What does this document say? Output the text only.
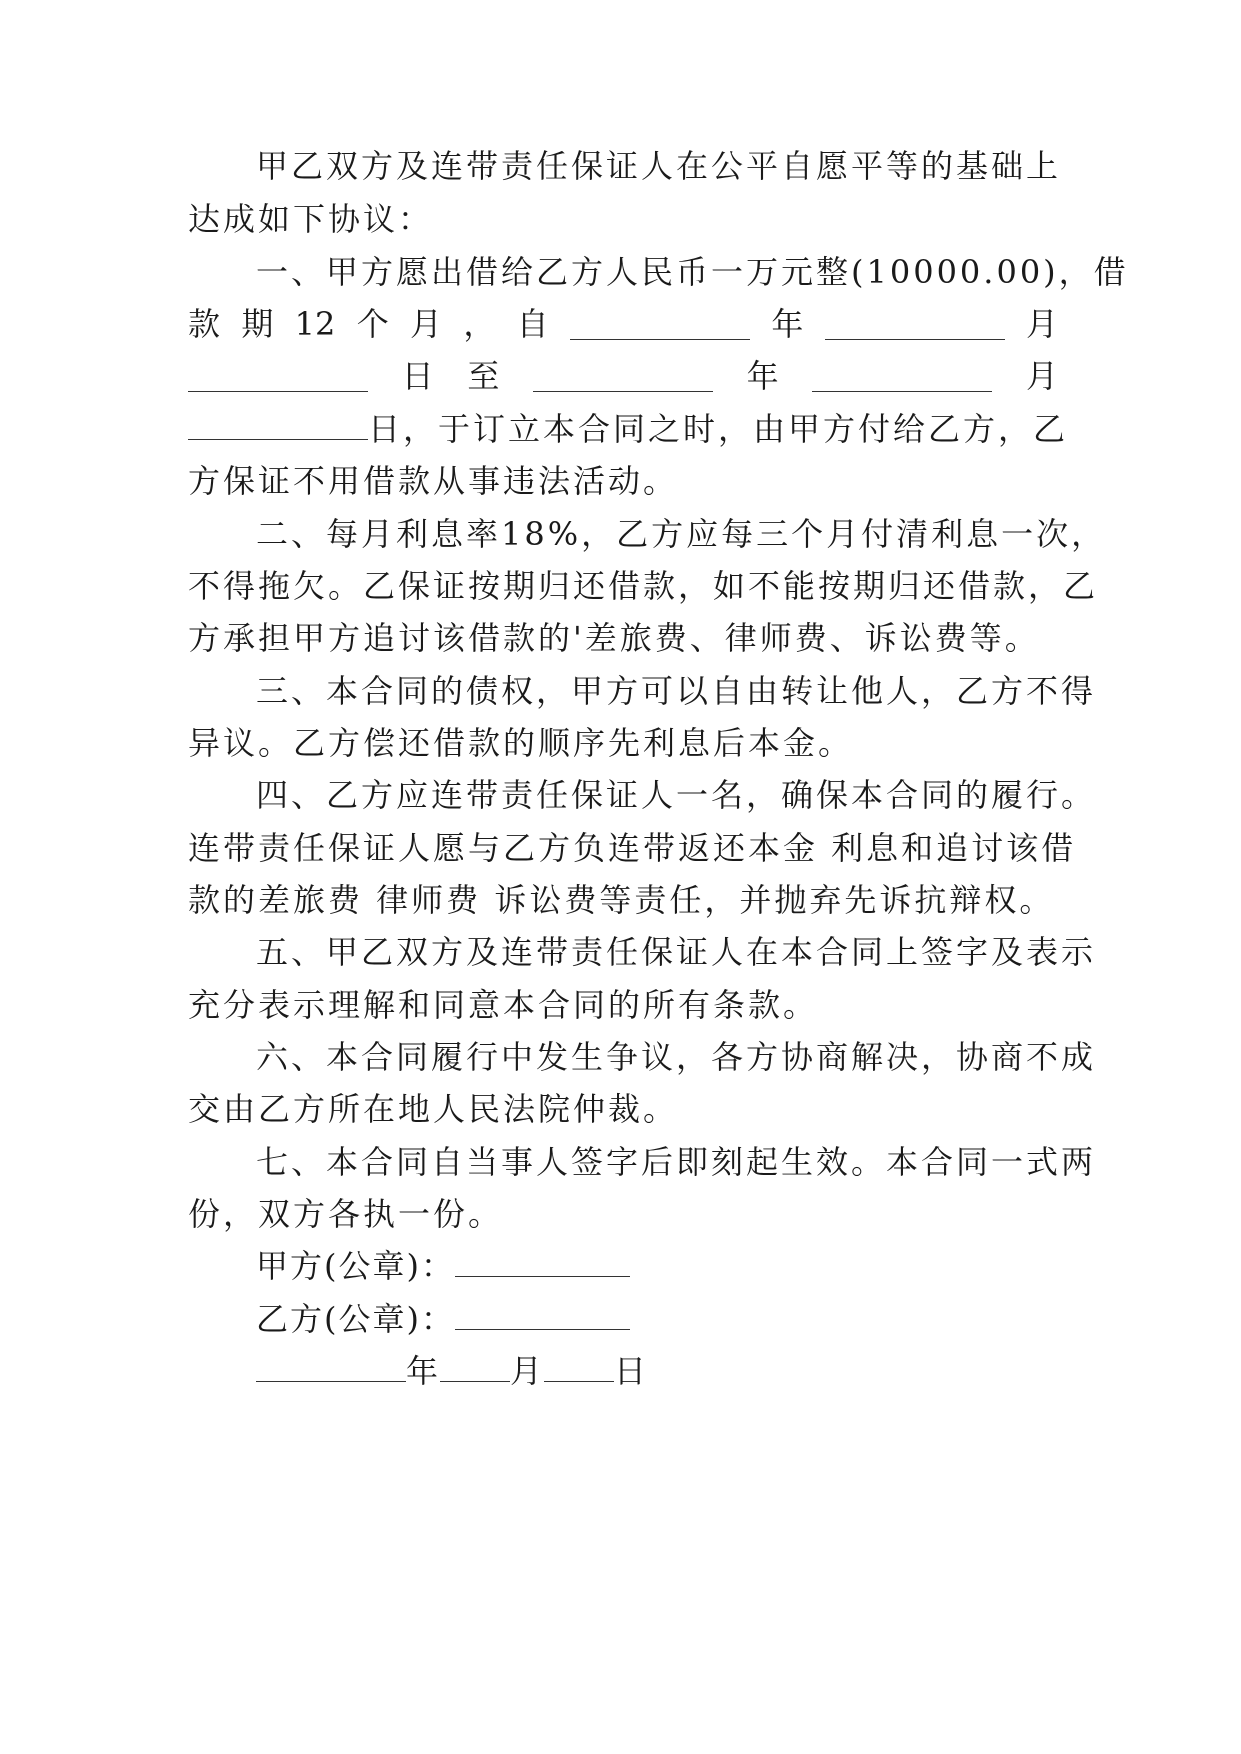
甲乙双方及连带责任保证人在公平自愿平等的基础上
达成如下协议：
一、甲方愿出借给乙方人民币一万元整(10000.00)，借
款 期 12 个 月 ， 自	年	月
日 至	年	月
日，于订立本合同之时，由甲方付给乙方，乙
方保证不用借款从事违法活动。
二、每月利息率18%，乙方应每三个月付清利息一次，
不得拖欠。乙保证按期归还借款，如不能按期归还借款，乙
方承担甲方追讨该借款的'差旅费、律师费、诉讼费等。
三、本合同的债权，甲方可以自由转让他人，乙方不得
异议。乙方偿还借款的顺序先利息后本金。
四、乙方应连带责任保证人一名，确保本合同的履行。
连带责任保证人愿与乙方负连带返还本金 利息和追讨该借
款的差旅费 律师费 诉讼费等责任，并抛弃先诉抗辩权。
五、甲乙双方及连带责任保证人在本合同上签字及表示
充分表示理解和同意本合同的所有条款。
六、本合同履行中发生争议，各方协商解决，协商不成
交由乙方所在地人民法院仲裁。
七、本合同自当事人签字后即刻起生效。本合同一式两
份，双方各执一份。
甲方(公章)：
乙方(公章)：
年 月 日
